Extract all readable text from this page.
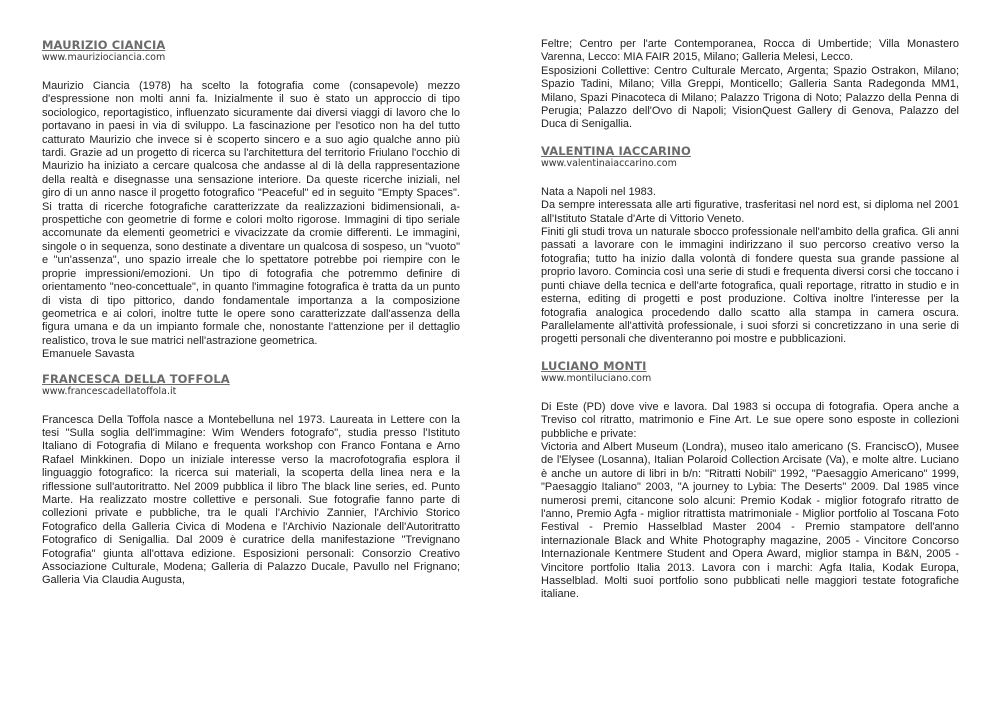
MAURIZIO CIANCIA

www.mauriziociancia.com

Maurizio Ciancia (1978) ha scelto la fotografia come (consapevole) mezzo d'espressione non molti anni fa. Inizialmente il suo è stato un approccio di tipo sociologico, reportagistico, influenzato sicuramente dai diversi viaggi di lavoro che lo portavano in paesi in via di sviluppo. La fascinazione per l'esotico non ha del tutto catturato Maurizio che invece si è scoperto sincero e a suo agio qualche anno più tardi. Grazie ad un progetto di ricerca su l'architettura del territorio Friulano l'occhio di Maurizio ha iniziato a cercare qualcosa che andasse al di là della rappresentazione della realtà e disegnasse una sensazione interiore. Da queste ricerche iniziali, nel giro di un anno nasce il progetto fotografico "Peaceful" ed in seguito "Empty Spaces". Si tratta di ricerche fotografiche caratterizzate da realizzazioni bidimensionali, a-prospettiche con geometrie di forme e colori molto rigorose. Immagini di tipo seriale accomunate da elementi geometrici e vivacizzate da cromie differenti. Le immagini, singole o in sequenza, sono destinate a diventare un qualcosa di sospeso, un "vuoto" e "un'assenza", uno spazio irreale che lo spettatore potrebbe poi riempire con le proprie impressioni/emozioni. Un tipo di fotografia che potremmo definire di orientamento "neo-concettuale", in quanto l'immagine fotografica è tratta da un punto di vista di tipo pittorico, dando fondamentale importanza a la composizione geometrica e ai colori, inoltre tutte le opere sono caratterizzate dall'assenza della figura umana e da un impianto formale che, nonostante l'attenzione per il dettaglio realistico, trova le sue matrici nell'astrazione geometrica.

Emanuele Savasta

FRANCESCA DELLA TOFFOLA

www.francescadellatoffola.it

Francesca Della Toffola nasce a Montebelluna nel 1973. Laureata in Lettere con la tesi "Sulla soglia dell'immagine: Wim Wenders fotografo", studia presso l'Istituto Italiano di Fotografia di Milano e frequenta workshop con Franco Fontana e Arno Rafael Minkkinen. Dopo un iniziale interesse verso la macrofotografia esplora il linguaggio fotografico: la ricerca sui materiali, la scoperta della linea nera e la riflessione sull'autoritratto. Nel 2009 pubblica il libro The black line series, ed. Punto Marte. Ha realizzato mostre collettive e personali. Sue fotografie fanno parte di collezioni private e pubbliche, tra le quali l'Archivio Zannier, l'Archivio Storico Fotografico della Galleria Civica di Modena e l'Archivio Nazionale dell'Autoritratto Fotografico di Senigallia. Dal 2009 è curatrice della manifestazione "Trevignano Fotografia" giunta all'ottava edizione. Esposizioni personali: Consorzio Creativo Associazione Culturale, Modena; Galleria di Palazzo Ducale, Pavullo nel Frignano; Galleria Via Claudia Augusta,

Feltre; Centro per l'arte Contemporanea, Rocca di Umbertide; Villa Monastero Varenna, Lecco: MIA FAIR 2015, Milano; Galleria Melesi, Lecco.

Esposizioni Collettive: Centro Culturale Mercato, Argenta; Spazio Ostrakon, Milano; Spazio Tadini, Milano; Villa Greppi, Monticello; Galleria Santa Radegonda MM1, Milano, Spazi Pinacoteca di Milano; Palazzo Trigona di Noto; Palazzo della Penna di Perugia; Palazzo dell'Ovo di Napoli; VisionQuest Gallery di Genova, Palazzo del Duca di Senigallia.

VALENTINA IACCARINO

www.valentinaiaccarino.com

Nata a Napoli nel 1983.

Da sempre interessata alle arti figurative, trasferitasi nel nord est, si diploma nel 2001 all'Istituto Statale d'Arte di Vittorio Veneto.

Finiti gli studi trova un naturale sbocco professionale nell'ambito della grafica. Gli anni passati a lavorare con le immagini indirizzano il suo percorso creativo verso la fotografia; tutto ha inizio dalla volontà di fondere questa sua grande passione al proprio lavoro. Comincia così una serie di studi e frequenta diversi corsi che toccano i punti chiave della tecnica e dell'arte fotografica, quali reportage, ritratto in studio e in esterna, editing di progetti e post produzione. Coltiva inoltre l'interesse per la fotografia analogica procedendo dallo scatto alla stampa in camera oscura. Parallelamente all'attività professionale, i suoi sforzi si concretizzano in una serie di progetti personali che diventeranno poi mostre e pubblicazioni.

LUCIANO MONTI

www.montiluciano.com

Di Este (PD) dove vive e lavora. Dal 1983 si occupa di fotografia. Opera anche a Treviso col ritratto, matrimonio e Fine Art. Le sue opere sono esposte in collezioni pubbliche e private:

Victoria and Albert Museum (Londra), museo italo americano (S. FranciscO), Musee de l'Elysee (Losanna), Italian Polaroid Collection Arcisate (Va), e molte altre. Luciano è anche un autore di libri in b/n: "Ritratti Nobili" 1992, "Paesaggio Americano" 1999, "Paesaggio Italiano" 2003, "A journey to Lybia: The Deserts" 2009. Dal 1985 vince numerosi premi, citancone solo alcuni: Premio Kodak - miglior fotografo ritratto de l'anno, Premio Agfa - miglior ritrattista matrimoniale - Miglior portfolio al Toscana Foto Festival - Premio Hasselblad Master 2004 - Premio stampatore dell'anno internazionale Black and White Photography magazine, 2005 - Vincitore Concorso Internazionale Kentmere Student and Opera Award, miglior stampa in B&N, 2005 - Vincitore portfolio Italia 2013. Lavora con i marchi: Agfa Italia, Kodak Europa, Hasselblad. Molti suoi portfolio sono pubblicati nelle maggiori testate fotografiche italiane.
